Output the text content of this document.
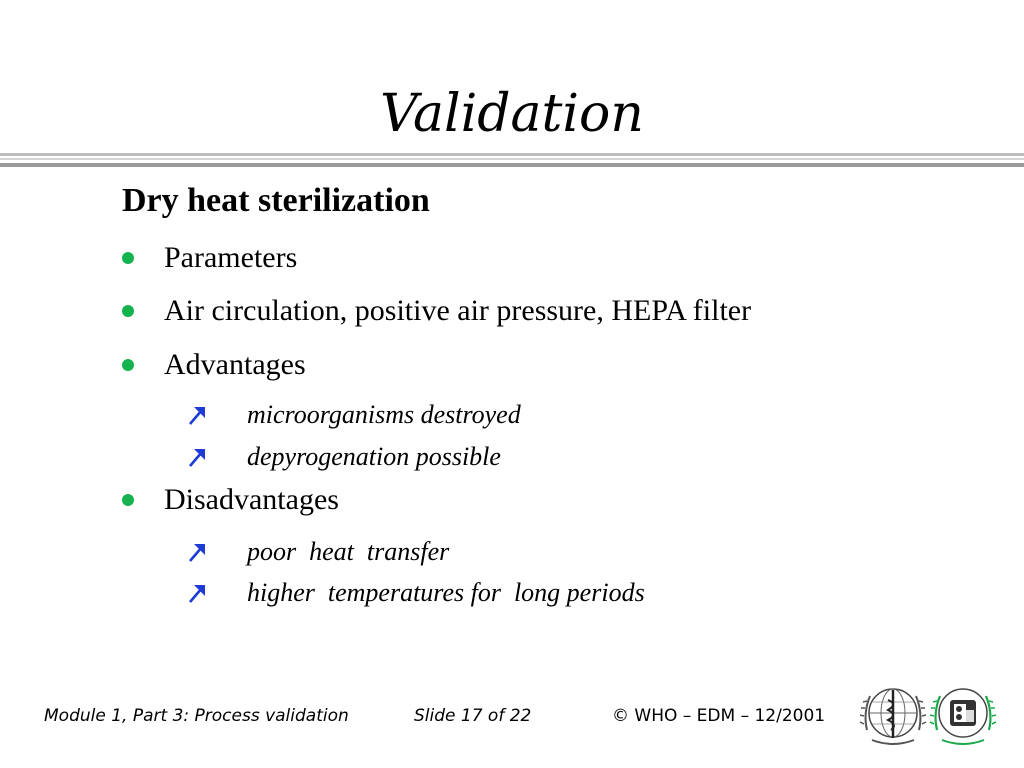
Validation
Dry heat sterilization
Parameters
Air circulation, positive air pressure, HEPA filter
Advantages
microorganisms destroyed
depyrogenation possible
Disadvantages
poor  heat  transfer
higher  temperatures for  long periods
Module 1, Part 3: Process validation	Slide 17 of 22	© WHO – EDM – 12/2001
